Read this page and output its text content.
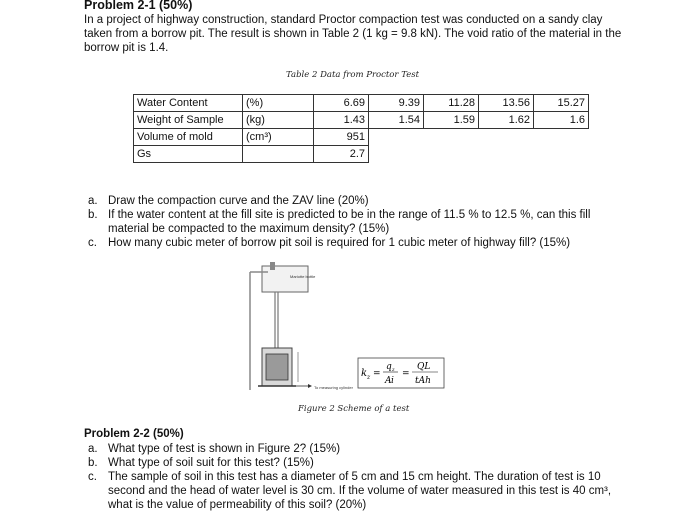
Problem 2-1 (50%)
In a project of highway construction, standard Proctor compaction test was conducted on a sandy clay taken from a borrow pit. The result is shown in Table 2 (1 kg = 9.8 kN). The void ratio of the material in the borrow pit is 1.4.
Table 2 Data from Proctor Test
Water Content	(%)	6.69	9.39	11.28	13.56	15.27
Weight of Sample	(kg)	1.43	1.54	1.59	1.62	1.6
Volume of mold	(cm³)	951				
Gs		2.7				
a. Draw the compaction curve and the ZAV line (20%)
b. If the water content at the fill site is predicted to be in the range of 11.5 % to 12.5 %, can this fill material be compacted to the maximum density? (15%)
c. How many cubic meter of borrow pit soil is required for 1 cubic meter of highway fill? (15%)
Mariotte bottle
To measuring cylinder
k z =
q z
A i
=
QL
tAh
Figure 2 Scheme of a test
Problem 2-2 (50%)
a. What type of test is shown in Figure 2? (15%)
b. What type of soil suit for this test? (15%)
c. The sample of soil in this test has a diameter of 5 cm and 15 cm height. The duration of test is 10 second and the head of water level is 30 cm. If the volume of water measured in this test is 40 cm³, what is the value of permeability of this soil? (20%)
